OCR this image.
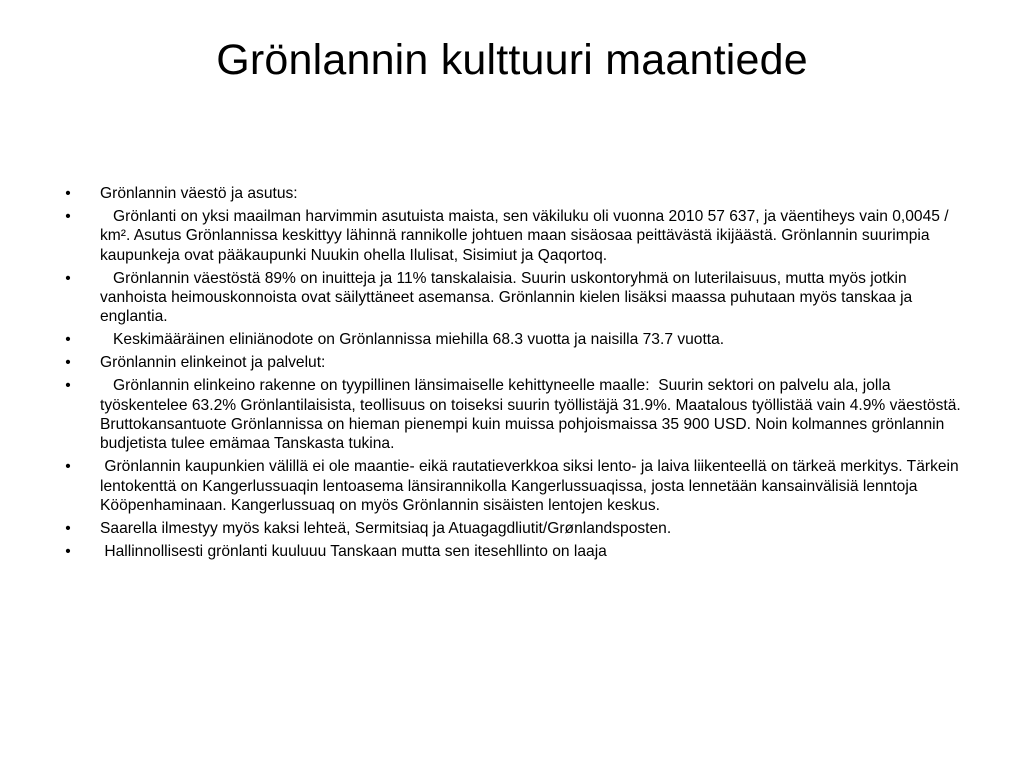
Grönlannin kulttuuri maantiede
• Grönlannin väestö ja asutus:
• Grönlanti on yksi maailman harvimmin asutuista maista, sen väkiluku oli vuonna 2010 57 637, ja väentiheys vain 0,0045 / km². Asutus Grönlannissa keskittyy lähinnä rannikolle johtuen maan sisäosaa peittävästä ikijäästä. Grönlannin suurimpia kaupunkeja ovat pääkaupunki Nuukin ohella Ilulisat, Sisimiut ja Qaqortoq.
• Grönlannin väestöstä 89% on inuitteja ja 11% tanskalaisia. Suurin uskontoryhmä on luterilaisuus, mutta myös jotkin vanhoista heimouskonnoista ovat säilyttäneet asemansa. Grönlannin kielen lisäksi maassa puhutaan myös tanskaa ja englantia.
• Keskimääräinen eliniänodote on Grönlannissa miehilla 68.3 vuotta ja naisilla 73.7 vuotta.
• Grönlannin elinkeinot ja palvelut:
• Grönlannin elinkeino rakenne on tyypillinen länsimaiselle kehittyneelle maalle:  Suurin sektori on palvelu ala, jolla työskentelee 63.2% Grönlantilaisista, teollisuus on toiseksi suurin työllistäjä 31.9%. Maatalous työllistää vain 4.9% väestöstä. Bruttokansantuote Grönlannissa on hieman pienempi kuin muissa pohjoismaissa 35 900 USD. Noin kolmannes grönlannin budjetista tulee emämaa Tanskasta tukina.
• Grönlannin kaupunkien välillä ei ole maantie- eikä rautatieverkkoa siksi lento- ja laiva liikenteellä on tärkeä merkitys. Tärkein lentokenttä on Kangerlussuaqin lentoasema länsirannikolla Kangerlussuaqissa, josta lennetään kansainvälisiä lenntoja Kööpenhaminaan. Kangerlussuaq on myös Grönlannin sisäisten lentojen keskus.
• Saarella ilmestyy myös kaksi lehteä, Sermitsiaq ja Atuagagdliutit/Grønlandsposten.
• Hallinnollisesti grönlanti kuuluuu Tanskaan mutta sen itesehllinto on laaja
